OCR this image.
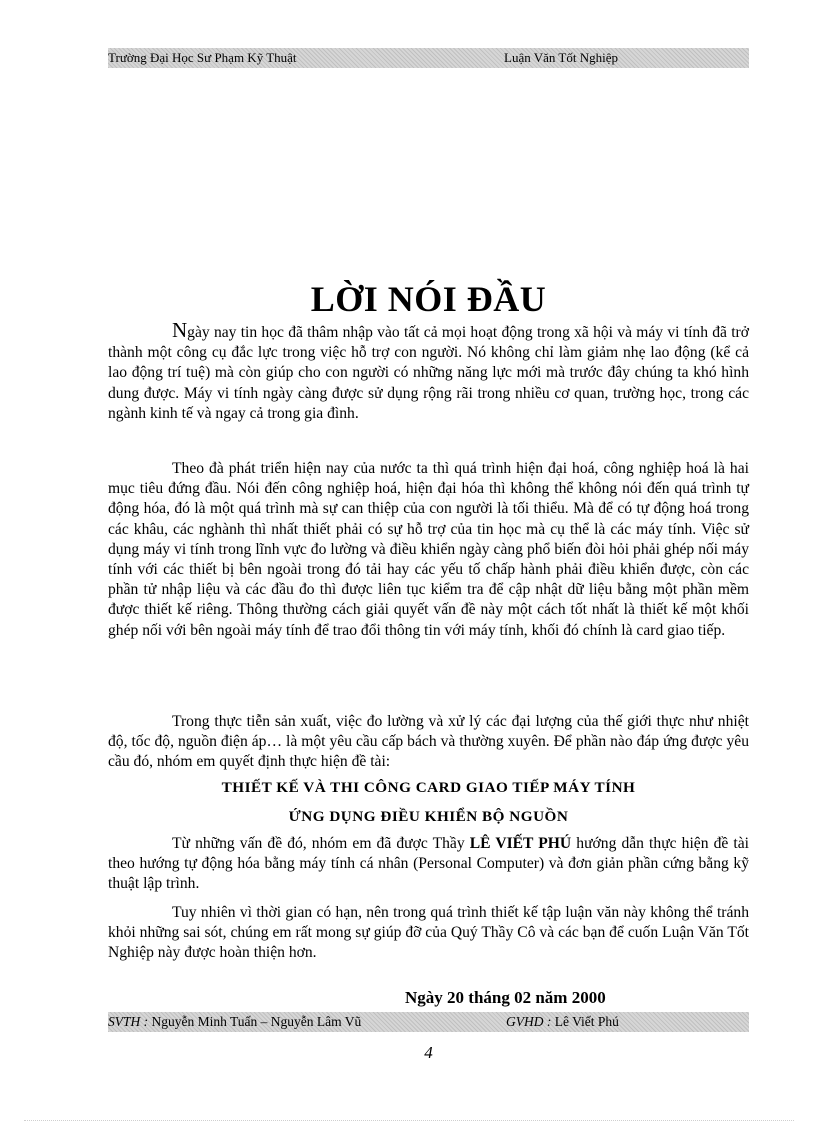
Trường Đại Học Sư Phạm Kỹ Thuật	Luận Văn Tốt Nghiệp
LỜI NÓI ĐẦU

Ngày nay tin học đã thâm nhập vào tất cả mọi hoạt động trong xã hội và máy vi tính đã trở thành một công cụ đắc lực trong việc hỗ trợ con người. Nó không chỉ làm giảm nhẹ lao động (kể cả lao động trí tuệ) mà còn giúp cho con người có những năng lực mới mà trước đây chúng ta khó hình dung được. Máy vi tính ngày càng được sử dụng rộng rãi trong nhiều cơ quan, trường học, trong các ngành kinh tế và ngay cả trong gia đình.

Theo đà phát triển hiện nay của nước ta thì quá trình hiện đại hoá, công nghiệp hoá là hai mục tiêu đứng đầu. Nói đến công nghiệp hoá, hiện đại hóa thì không thể không nói đến quá trình tự động hóa, đó là một quá trình mà sự can thiệp của con người là tối thiểu. Mà để có tự động hoá trong các khâu, các nghành thì nhất thiết phải có sự hỗ trợ của tin học mà cụ thể là các máy tính. Việc sử dụng máy vi tính trong lĩnh vực đo lường và điều khiển ngày càng phổ biến đòi hỏi phải ghép nối máy tính với các thiết bị bên ngoài trong đó tải hay các yếu tố chấp hành phải điều khiển được, còn các phần tử nhập liệu và các đầu đo thì được liên tục kiểm tra để cập nhật dữ liệu bằng một phần mềm được thiết kế riêng. Thông thường cách giải quyết vấn đề này một cách tốt nhất là thiết kế một khối ghép nối với bên ngoài máy tính để trao đổi thông tin với máy tính, khối đó chính là card giao tiếp.

Trong thực tiễn sản xuất, việc đo lường và xử lý các đại lượng của thế giới thực như nhiệt độ, tốc độ, nguồn điện áp… là một yêu cầu cấp bách và thường xuyên. Để phần nào đáp ứng được yêu cầu đó, nhóm em quyết định thực hiện đề tài:

THIẾT KẾ VÀ THI CÔNG CARD GIAO TIẾP MÁY TÍNH
ỨNG DỤNG ĐIỀU KHIỂN BỘ NGUỒN

Từ những vấn đề đó, nhóm em đã được Thầy LÊ VIẾT PHÚ hướng dẫn thực hiện đề tài theo hướng tự động hóa bằng máy tính cá nhân (Personal Computer) và đơn giản phần cứng bằng kỹ thuật lập trình.

Tuy nhiên vì thời gian có hạn, nên trong quá trình thiết kế tập luận văn này không thể tránh khỏi những sai sót, chúng em rất mong sự giúp đỡ của Quý Thầy Cô và các bạn để cuốn Luận Văn Tốt Nghiệp này được hoàn thiện hơn.

Ngày 20 tháng 02 năm 2000
SVTH : Nguyễn Minh Tuấn – Nguyễn Lâm Vũ	GVHD : Lê Viết Phú
4
